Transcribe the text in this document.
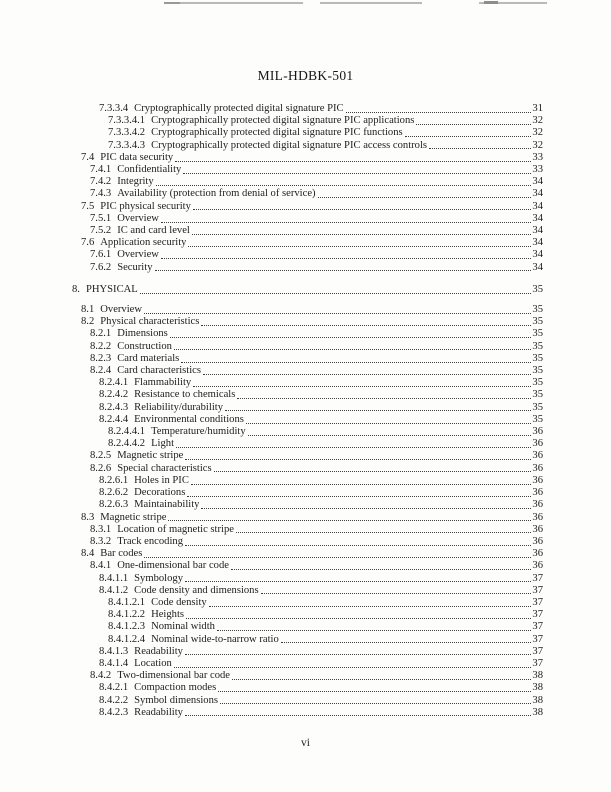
MIL-HDBK-501
7.3.3.4 Cryptographically protected digital signature PIC	31
7.3.3.4.1 Cryptographically protected digital signature PIC applications	32
7.3.3.4.2 Cryptographically protected digital signature PIC functions	32
7.3.3.4.3 Cryptographically protected digital signature PIC access controls	32
7.4 PIC data security	33
7.4.1 Confidentiality	33
7.4.2 Integrity	34
7.4.3 Availability (protection from denial of service)	34
7.5 PIC physical security	34
7.5.1 Overview	34
7.5.2 IC and card level	34
7.6 Application security	34
7.6.1 Overview	34
7.6.2 Security	34
8. PHYSICAL	35
8.1 Overview	35
8.2 Physical characteristics	35
8.2.1 Dimensions	35
8.2.2 Construction	35
8.2.3 Card materials	35
8.2.4 Card characteristics	35
8.2.4.1 Flammability	35
8.2.4.2 Resistance to chemicals	35
8.2.4.3 Reliability/durability	35
8.2.4.4 Environmental conditions	35
8.2.4.4.1 Temperature/humidity	36
8.2.4.4.2 Light	36
8.2.5 Magnetic stripe	36
8.2.6 Special characteristics	36
8.2.6.1 Holes in PIC	36
8.2.6.2 Decorations	36
8.2.6.3 Maintainability	36
8.3 Magnetic stripe	36
8.3.1 Location of magnetic stripe	36
8.3.2 Track encoding	36
8.4 Bar codes	36
8.4.1 One-dimensional bar code	36
8.4.1.1 Symbology	37
8.4.1.2 Code density and dimensions	37
8.4.1.2.1 Code density	37
8.4.1.2.2 Heights	37
8.4.1.2.3 Nominal width	37
8.4.1.2.4 Nominal wide-to-narrow ratio	37
8.4.1.3 Readability	37
8.4.1.4 Location	37
8.4.2 Two-dimensional bar code	38
8.4.2.1 Compaction modes	38
8.4.2.2 Symbol dimensions	38
8.4.2.3 Readability	38
vi
